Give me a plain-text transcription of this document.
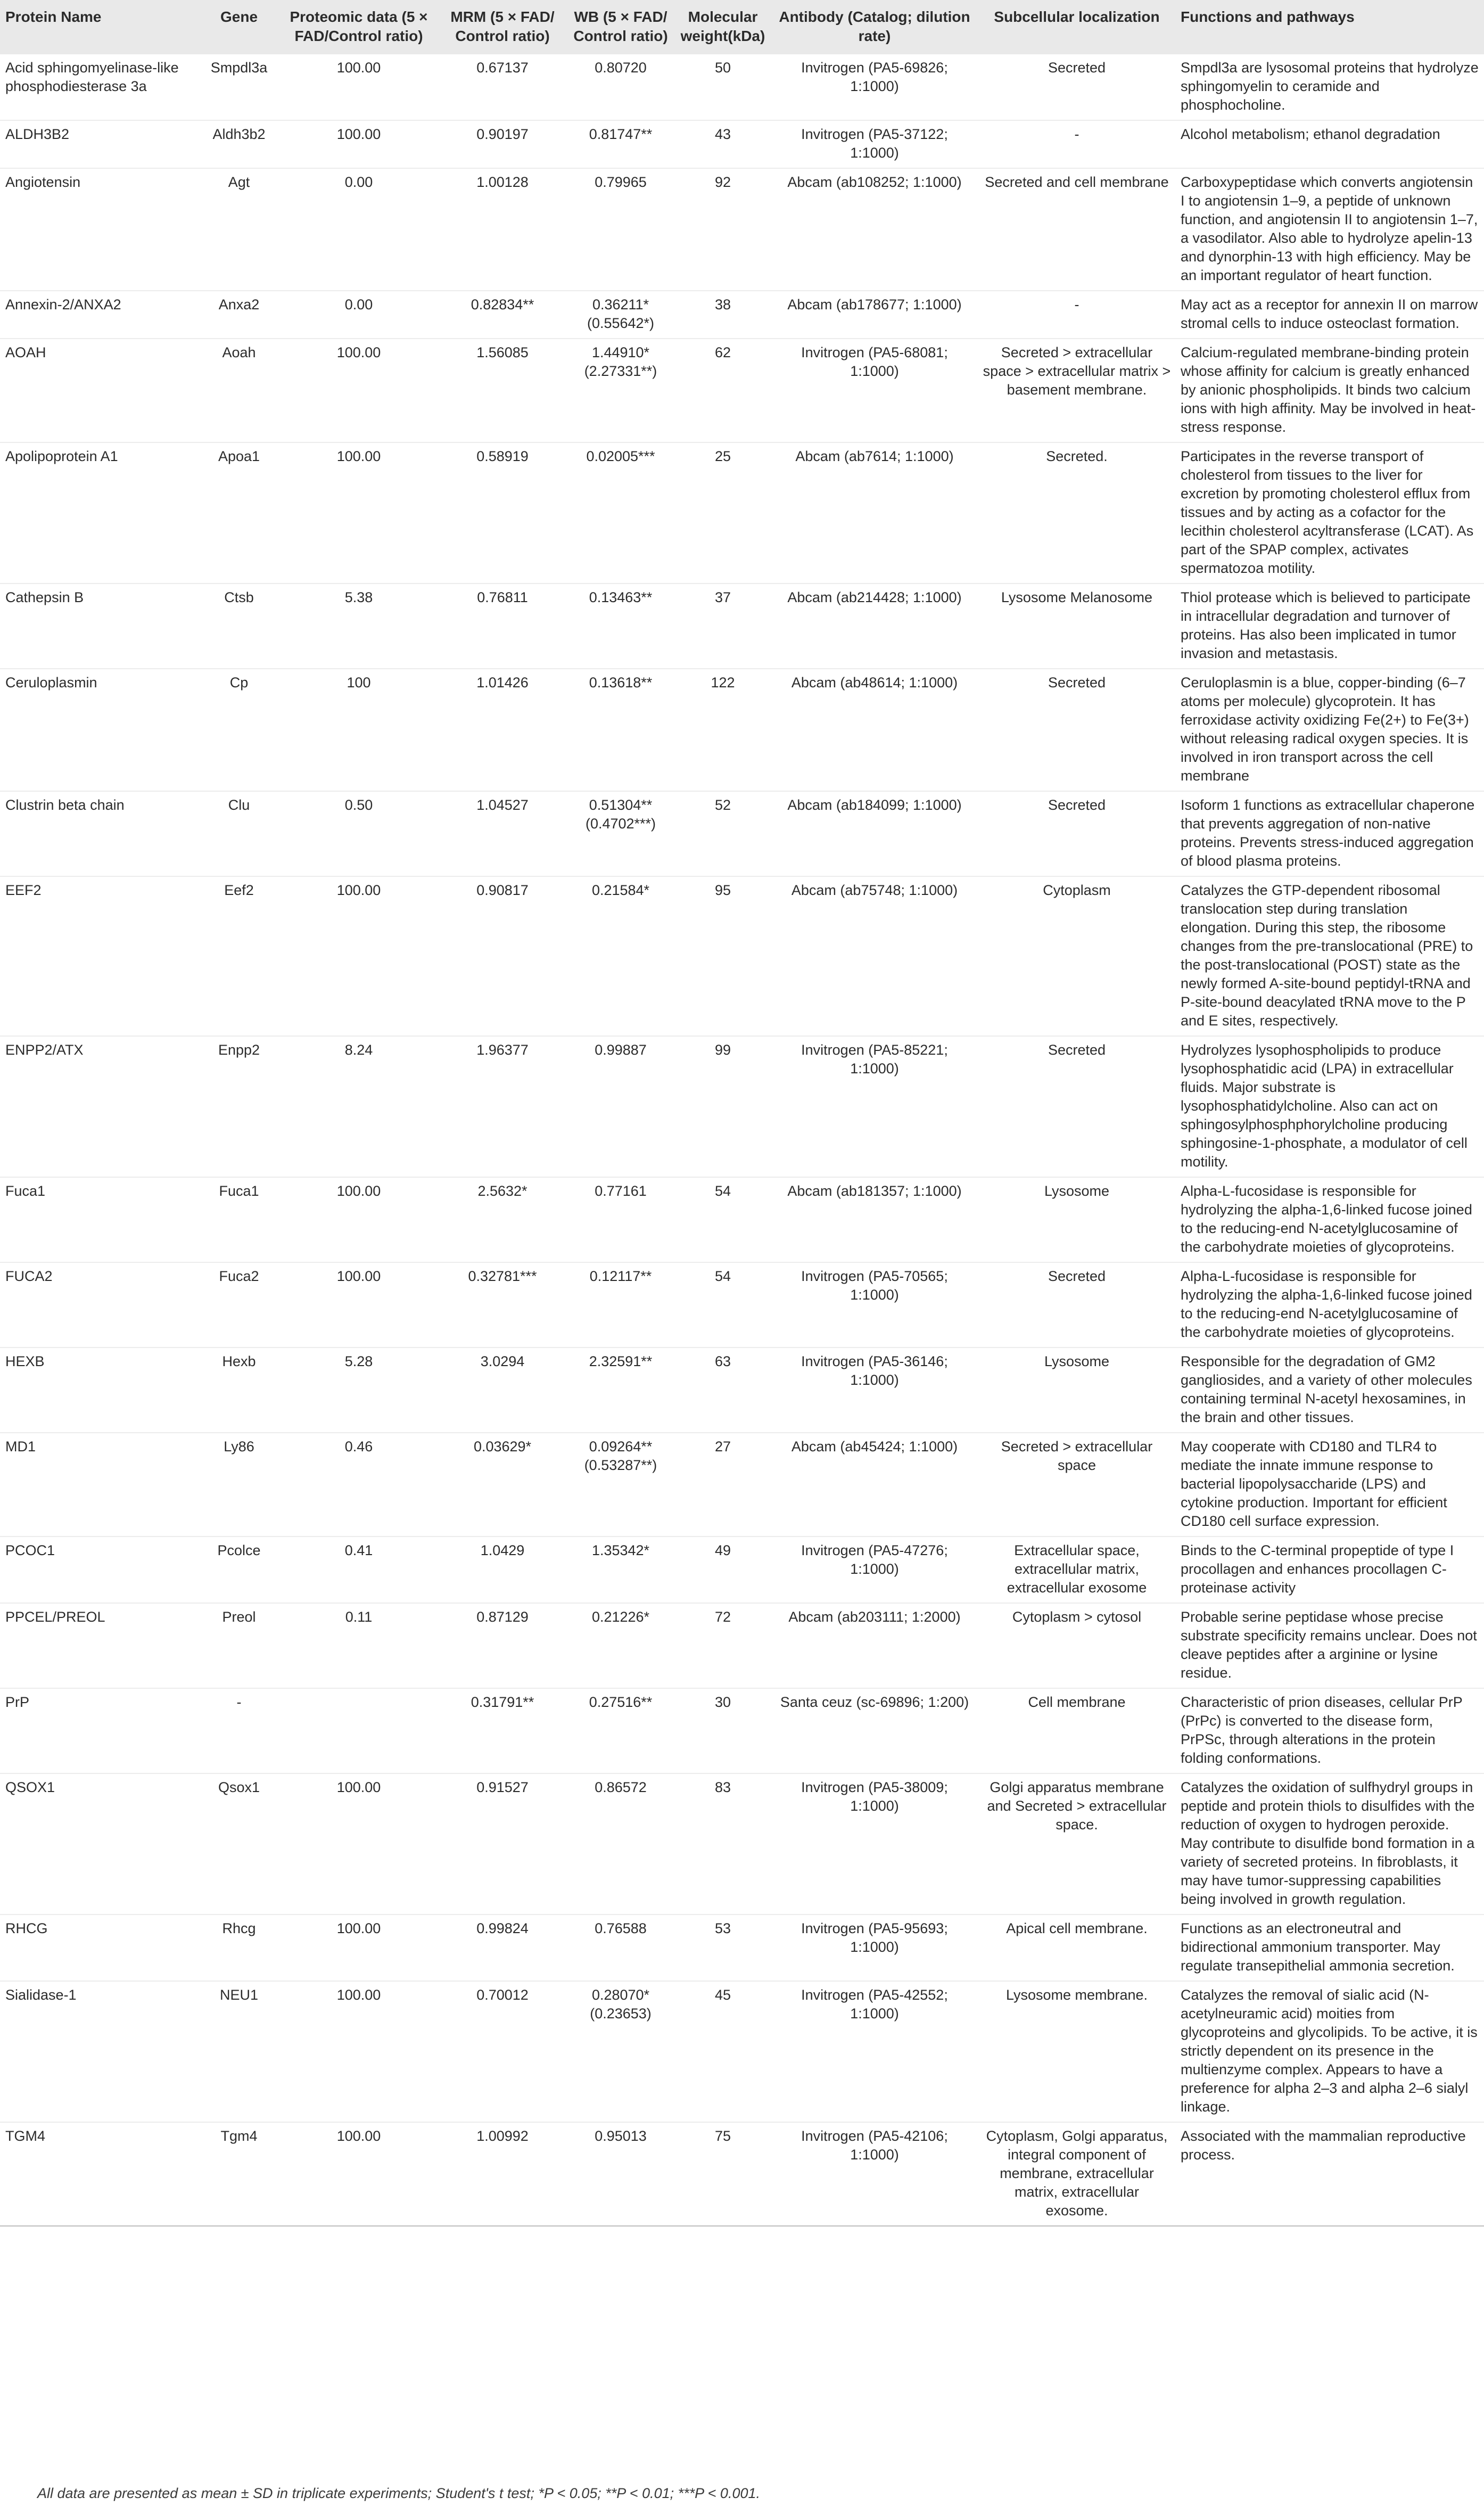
Protein Name	Gene	Proteomic data (5 × FAD/Control ratio)	MRM (5 × FAD/ Control ratio)	WB (5 × FAD/ Control ratio)	Molecular weight(kDa)	Antibody (Catalog; dilution rate)	Subcellular localization	Functions and pathways
Acid sphingomyelinase-like phosphodiesterase 3a	Smpdl3a	100.00	0.67137	0.80720	50	Invitrogen (PA5-69826; 1:1000)	Secreted	Smpdl3a are lysosomal proteins that hydrolyze sphingomyelin to ceramide and phosphocholine.
ALDH3B2	Aldh3b2	100.00	0.90197	0.81747**	43	Invitrogen (PA5-37122; 1:1000)	-	Alcohol metabolism; ethanol degradation
Angiotensin	Agt	0.00	1.00128	0.79965	92	Abcam (ab108252; 1:1000)	Secreted and cell membrane	Carboxypeptidase which converts angiotensin I to angiotensin 1–9, a peptide of unknown function, and angiotensin II to angiotensin 1–7, a vasodilator. Also able to hydrolyze apelin-13 and dynorphin-13 with high efficiency. May be an important regulator of heart function.
Annexin-2/ANXA2	Anxa2	0.00	0.82834**	0.36211* (0.55642*)	38	Abcam (ab178677; 1:1000)	-	May act as a receptor for annexin II on marrow stromal cells to induce osteoclast formation.
AOAH	Aoah	100.00	1.56085	1.44910* (2.27331**)	62	Invitrogen (PA5-68081; 1:1000)	Secreted > extracellular space > extracellular matrix > basement membrane.	Calcium-regulated membrane-binding protein whose affinity for calcium is greatly enhanced by anionic phospholipids. It binds two calcium ions with high affinity. May be involved in heat-stress response.
Apolipoprotein A1	Apoa1	100.00	0.58919	0.02005***	25	Abcam (ab7614; 1:1000)	Secreted.	Participates in the reverse transport of cholesterol from tissues to the liver for excretion by promoting cholesterol efflux from tissues and by acting as a cofactor for the lecithin cholesterol acyltransferase (LCAT). As part of the SPAP complex, activates spermatozoa motility.
Cathepsin B	Ctsb	5.38	0.76811	0.13463**	37	Abcam (ab214428; 1:1000)	Lysosome Melanosome	Thiol protease which is believed to participate in intracellular degradation and turnover of proteins. Has also been implicated in tumor invasion and metastasis.
Ceruloplasmin	Cp	100	1.01426	0.13618**	122	Abcam (ab48614; 1:1000)	Secreted	Ceruloplasmin is a blue, copper-binding (6–7 atoms per molecule) glycoprotein. It has ferroxidase activity oxidizing Fe(2+) to Fe(3+) without releasing radical oxygen species. It is involved in iron transport across the cell membrane
Clustrin beta chain	Clu	0.50	1.04527	0.51304** (0.4702***)	52	Abcam (ab184099; 1:1000)	Secreted	Isoform 1 functions as extracellular chaperone that prevents aggregation of non-native proteins. Prevents stress-induced aggregation of blood plasma proteins.
EEF2	Eef2	100.00	0.90817	0.21584*	95	Abcam (ab75748; 1:1000)	Cytoplasm	Catalyzes the GTP-dependent ribosomal translocation step during translation elongation. During this step, the ribosome changes from the pre-translocational (PRE) to the post-translocational (POST) state as the newly formed A-site-bound peptidyl-tRNA and P-site-bound deacylated tRNA move to the P and E sites, respectively.
ENPP2/ATX	Enpp2	8.24	1.96377	0.99887	99	Invitrogen (PA5-85221; 1:1000)	Secreted	Hydrolyzes lysophospholipids to produce lysophosphatidic acid (LPA) in extracellular fluids. Major substrate is lysophosphatidylcholine. Also can act on sphingosylphosphphorylcholine producing sphingosine-1-phosphate, a modulator of cell motility.
Fuca1	Fuca1	100.00	2.5632*	0.77161	54	Abcam (ab181357; 1:1000)	Lysosome	Alpha-L-fucosidase is responsible for hydrolyzing the alpha-1,6-linked fucose joined to the reducing-end N-acetylglucosamine of the carbohydrate moieties of glycoproteins.
FUCA2	Fuca2	100.00	0.32781***	0.12117**	54	Invitrogen (PA5-70565; 1:1000)	Secreted	Alpha-L-fucosidase is responsible for hydrolyzing the alpha-1,6-linked fucose joined to the reducing-end N-acetylglucosamine of the carbohydrate moieties of glycoproteins.
HEXB	Hexb	5.28	3.0294	2.32591**	63	Invitrogen (PA5-36146; 1:1000)	Lysosome	Responsible for the degradation of GM2 gangliosides, and a variety of other molecules containing terminal N-acetyl hexosamines, in the brain and other tissues.
MD1	Ly86	0.46	0.03629*	0.09264** (0.53287**)	27	Abcam (ab45424; 1:1000)	Secreted > extracellular space	May cooperate with CD180 and TLR4 to mediate the innate immune response to bacterial lipopolysaccharide (LPS) and cytokine production. Important for efficient CD180 cell surface expression.
PCOC1	Pcolce	0.41	1.0429	1.35342*	49	Invitrogen (PA5-47276; 1:1000)	Extracellular space, extracellular matrix, extracellular exosome	Binds to the C-terminal propeptide of type I procollagen and enhances procollagen C-proteinase activity
PPCEL/PREOL	Preol	0.11	0.87129	0.21226*	72	Abcam (ab203111; 1:2000)	Cytoplasm > cytosol	Probable serine peptidase whose precise substrate specificity remains unclear. Does not cleave peptides after a arginine or lysine residue.
PrP	-		0.31791**	0.27516**	30	Santa ceuz (sc-69896; 1:200)	Cell membrane	Characteristic of prion diseases, cellular PrP (PrPc) is converted to the disease form, PrPSc, through alterations in the protein folding conformations.
QSOX1	Qsox1	100.00	0.91527	0.86572	83	Invitrogen (PA5-38009; 1:1000)	Golgi apparatus membrane and Secreted > extracellular space.	Catalyzes the oxidation of sulfhydryl groups in peptide and protein thiols to disulfides with the reduction of oxygen to hydrogen peroxide. May contribute to disulfide bond formation in a variety of secreted proteins. In fibroblasts, it may have tumor-suppressing capabilities being involved in growth regulation.
RHCG	Rhcg	100.00	0.99824	0.76588	53	Invitrogen (PA5-95693; 1:1000)	Apical cell membrane.	Functions as an electroneutral and bidirectional ammonium transporter. May regulate transepithelial ammonia secretion.
Sialidase-1	NEU1	100.00	0.70012	0.28070* (0.23653)	45	Invitrogen (PA5-42552; 1:1000)	Lysosome membrane.	Catalyzes the removal of sialic acid (N-acetylneuramic acid) moities from glycoproteins and glycolipids. To be active, it is strictly dependent on its presence in the multienzyme complex. Appears to have a preference for alpha 2–3 and alpha 2–6 sialyl linkage.
TGM4	Tgm4	100.00	1.00992	0.95013	75	Invitrogen (PA5-42106; 1:1000)	Cytoplasm, Golgi apparatus, integral component of membrane, extracellular matrix, extracellular exosome.	Associated with the mammalian reproductive process.
All data are presented as mean ± SD in triplicate experiments; Student's t test; *P < 0.05; **P < 0.01; ***P < 0.001.
